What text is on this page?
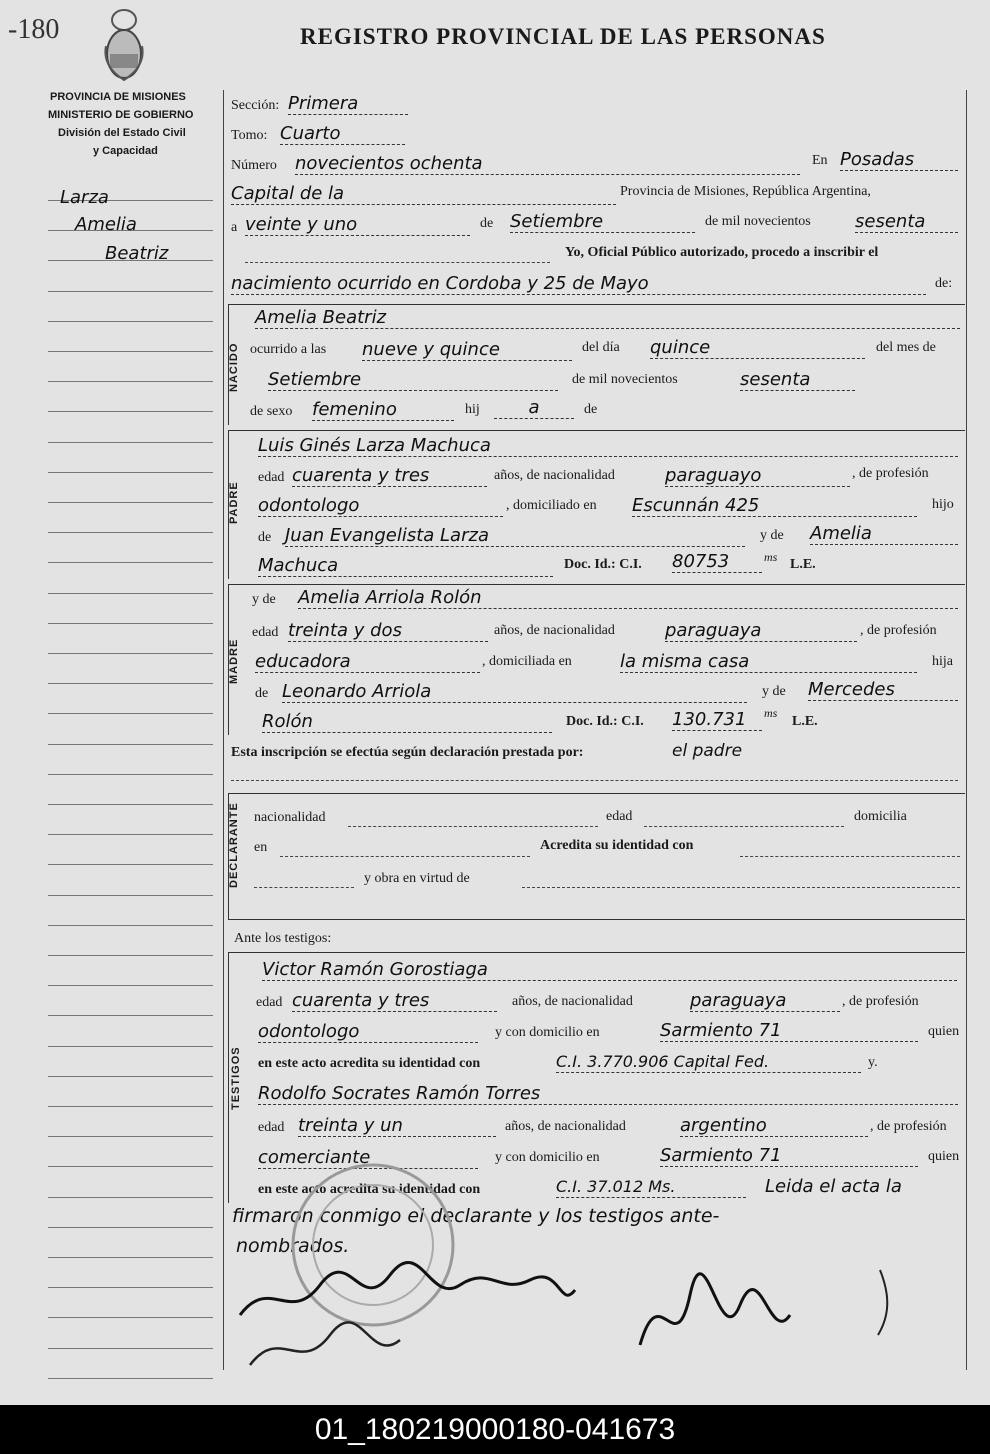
-180	REGISTRO PROVINCIAL DE LAS PERSONAS
PROVINCIA DE MISIONES
MINISTERIO DE GOBIERNO
División del Estado Civil
y Capacidad
Larza
Amelia
Beatriz
Sección: Primera
Tomo: Cuarto
Número novecientos ochenta	En Posadas
Capital de la	Provincia de Misiones, República Argentina,
a veinte y uno	de Setiembre	de mil novecientos sesenta
Yo, Oficial Público autorizado, procedo a inscribir el
nacimiento ocurrido en Cordoba y 25 de Mayo	de:
NACIDO
Amelia Beatriz
ocurrido a las nueve y quince	del día quince	del mes de
Setiembre	de mil novecientos	sesenta
de sexo femenino	hij	a	de
PADRE
Luis Ginés Larza Machuca
edad cuarenta y tres	años, de nacionalidad	paraguayo	, de profesión
odontologo	, domiciliado en Escunnán 425	hijo
de Juan Evangelista Larza	y de Amelia
Machuca	Doc. Id.: C.I. 80753	ms L.E.
MADRE
y de Amelia Arriola Rolón
edad treinta y dos	años, de nacionalidad	paraguaya	, de profesión
educadora	, domiciliada en	la misma casa	hija
de Leonardo Arriola	y de Mercedes
Rolón	Doc. Id.: C.I. 130.731	ms
L.E.
Esta inscripción se efectúa según declaración prestada por:	el padre
DECLARANTE nacionalidad	edad	domicilia
en	Acredita su identidad con
y obra en virtud de
Ante los testigos:
TESTIGOS
Victor Ramón Gorostiaga
edad cuarenta y tres	años, de nacionalidad	paraguaya	, de profesión
odontologo	y con domicilio en	Sarmiento 71	quien
en este acto acredita su identidad con	C.I. 3.770.906 Capital Fed.	y.
Rodolfo Socrates Ramón Torres
edad treinta y un	años, de nacionalidad	argentino	, de profesión
comerciante	y con domicilio en	Sarmiento 71	quien
en este acto acredita su identidad con	C.I. 37.012 Ms.	Leida el acta la
firmaron conmigo el declarante y los testigos ante-
nombrados.
01_180219000180-041673
